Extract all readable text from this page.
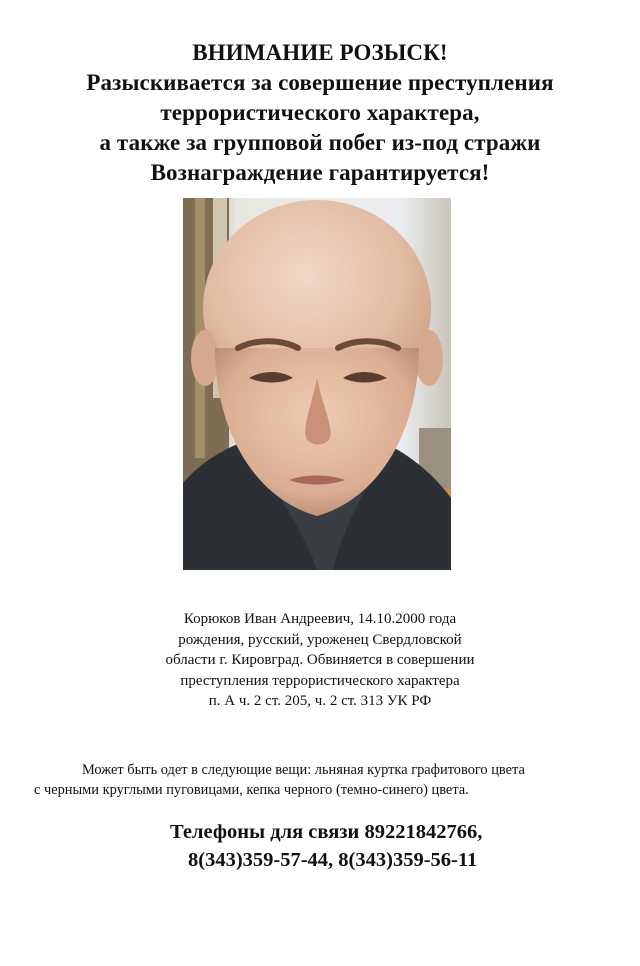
ВНИМАНИЕ РОЗЫСК!
Разыскивается за совершение преступления
террористического характера,
а также за групповой побег из-под стражи
Вознаграждение гарантируется!
Корюков Иван Андреевич, 14.10.2000 года
рождения, русский, уроженец Свердловской
области г. Кировград. Обвиняется в совершении
преступления террористического характера
п. А ч. 2 ст. 205, ч. 2 ст. 313 УК РФ
Может быть одет в следующие вещи: льняная куртка графитового цвета
с черными круглыми пуговицами, кепка черного (темно-синего) цвета.
Телефоны для связи 89221842766,
8(343)359-57-44, 8(343)359-56-11
